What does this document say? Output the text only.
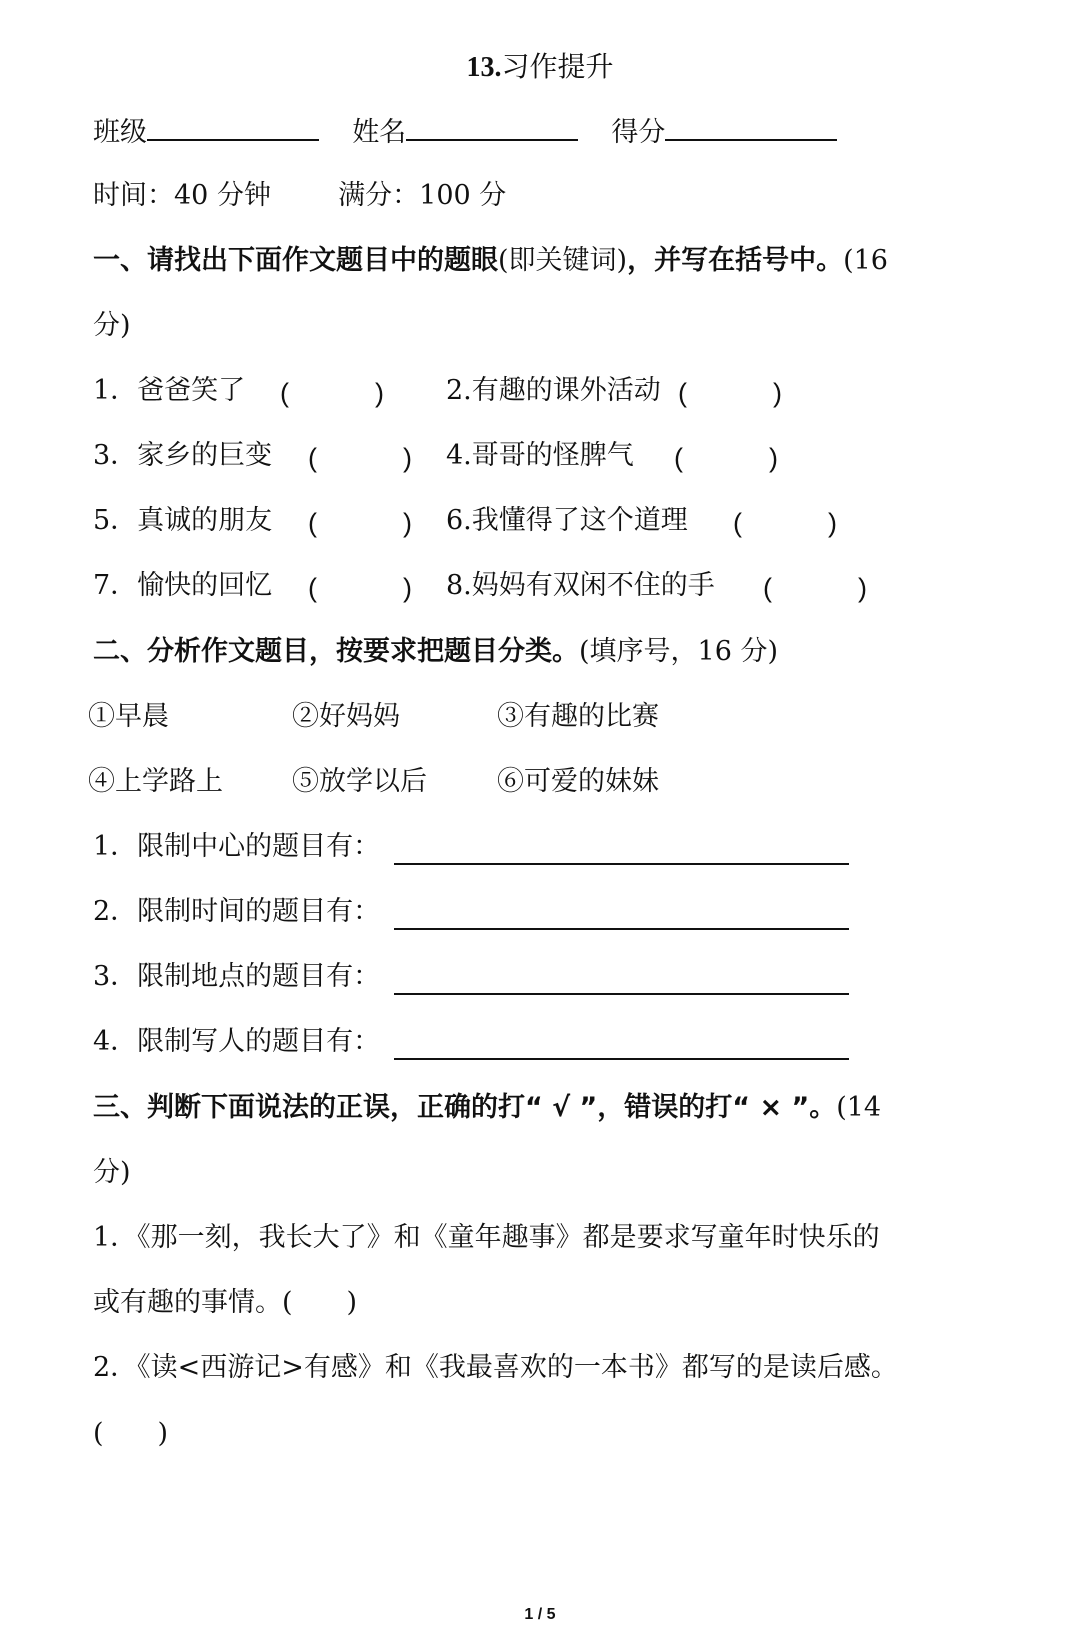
13.习作提升
班级	姓名	得分
时间：40 分钟 满分：100 分
一、请找出下面作文题目中的题眼(即关键词)，并写在括号中。(16
分)
1．爸爸笑了 (	) 2.有趣的课外活动 (	)
3．家乡的巨变 (	) 4.哥哥的怪脾气 (	)
5．真诚的朋友 (	) 6.我懂得了这个道理 (	)
7．愉快的回忆 (	) 8.妈妈有双闲不住的手 (	)
二、分析作文题目，按要求把题目分类。(填序号，16 分)
①早晨	②好妈妈	③有趣的比赛
④上学路上	⑤放学以后	⑥可爱的妹妹
1．限制中心的题目有：
2．限制时间的题目有：
3．限制地点的题目有：
4．限制写人的题目有：
三、判断下面说法的正误，正确的打“ √ ”，错误的打“ × ”。(14
分)
1．《那一刻，我长大了》和《童年趣事》都是要求写童年时快乐的
或有趣的事情。(　　)
2．《读<西游记>有感》和《我最喜欢的一本书》都写的是读后感。
(　　)
1 / 5
